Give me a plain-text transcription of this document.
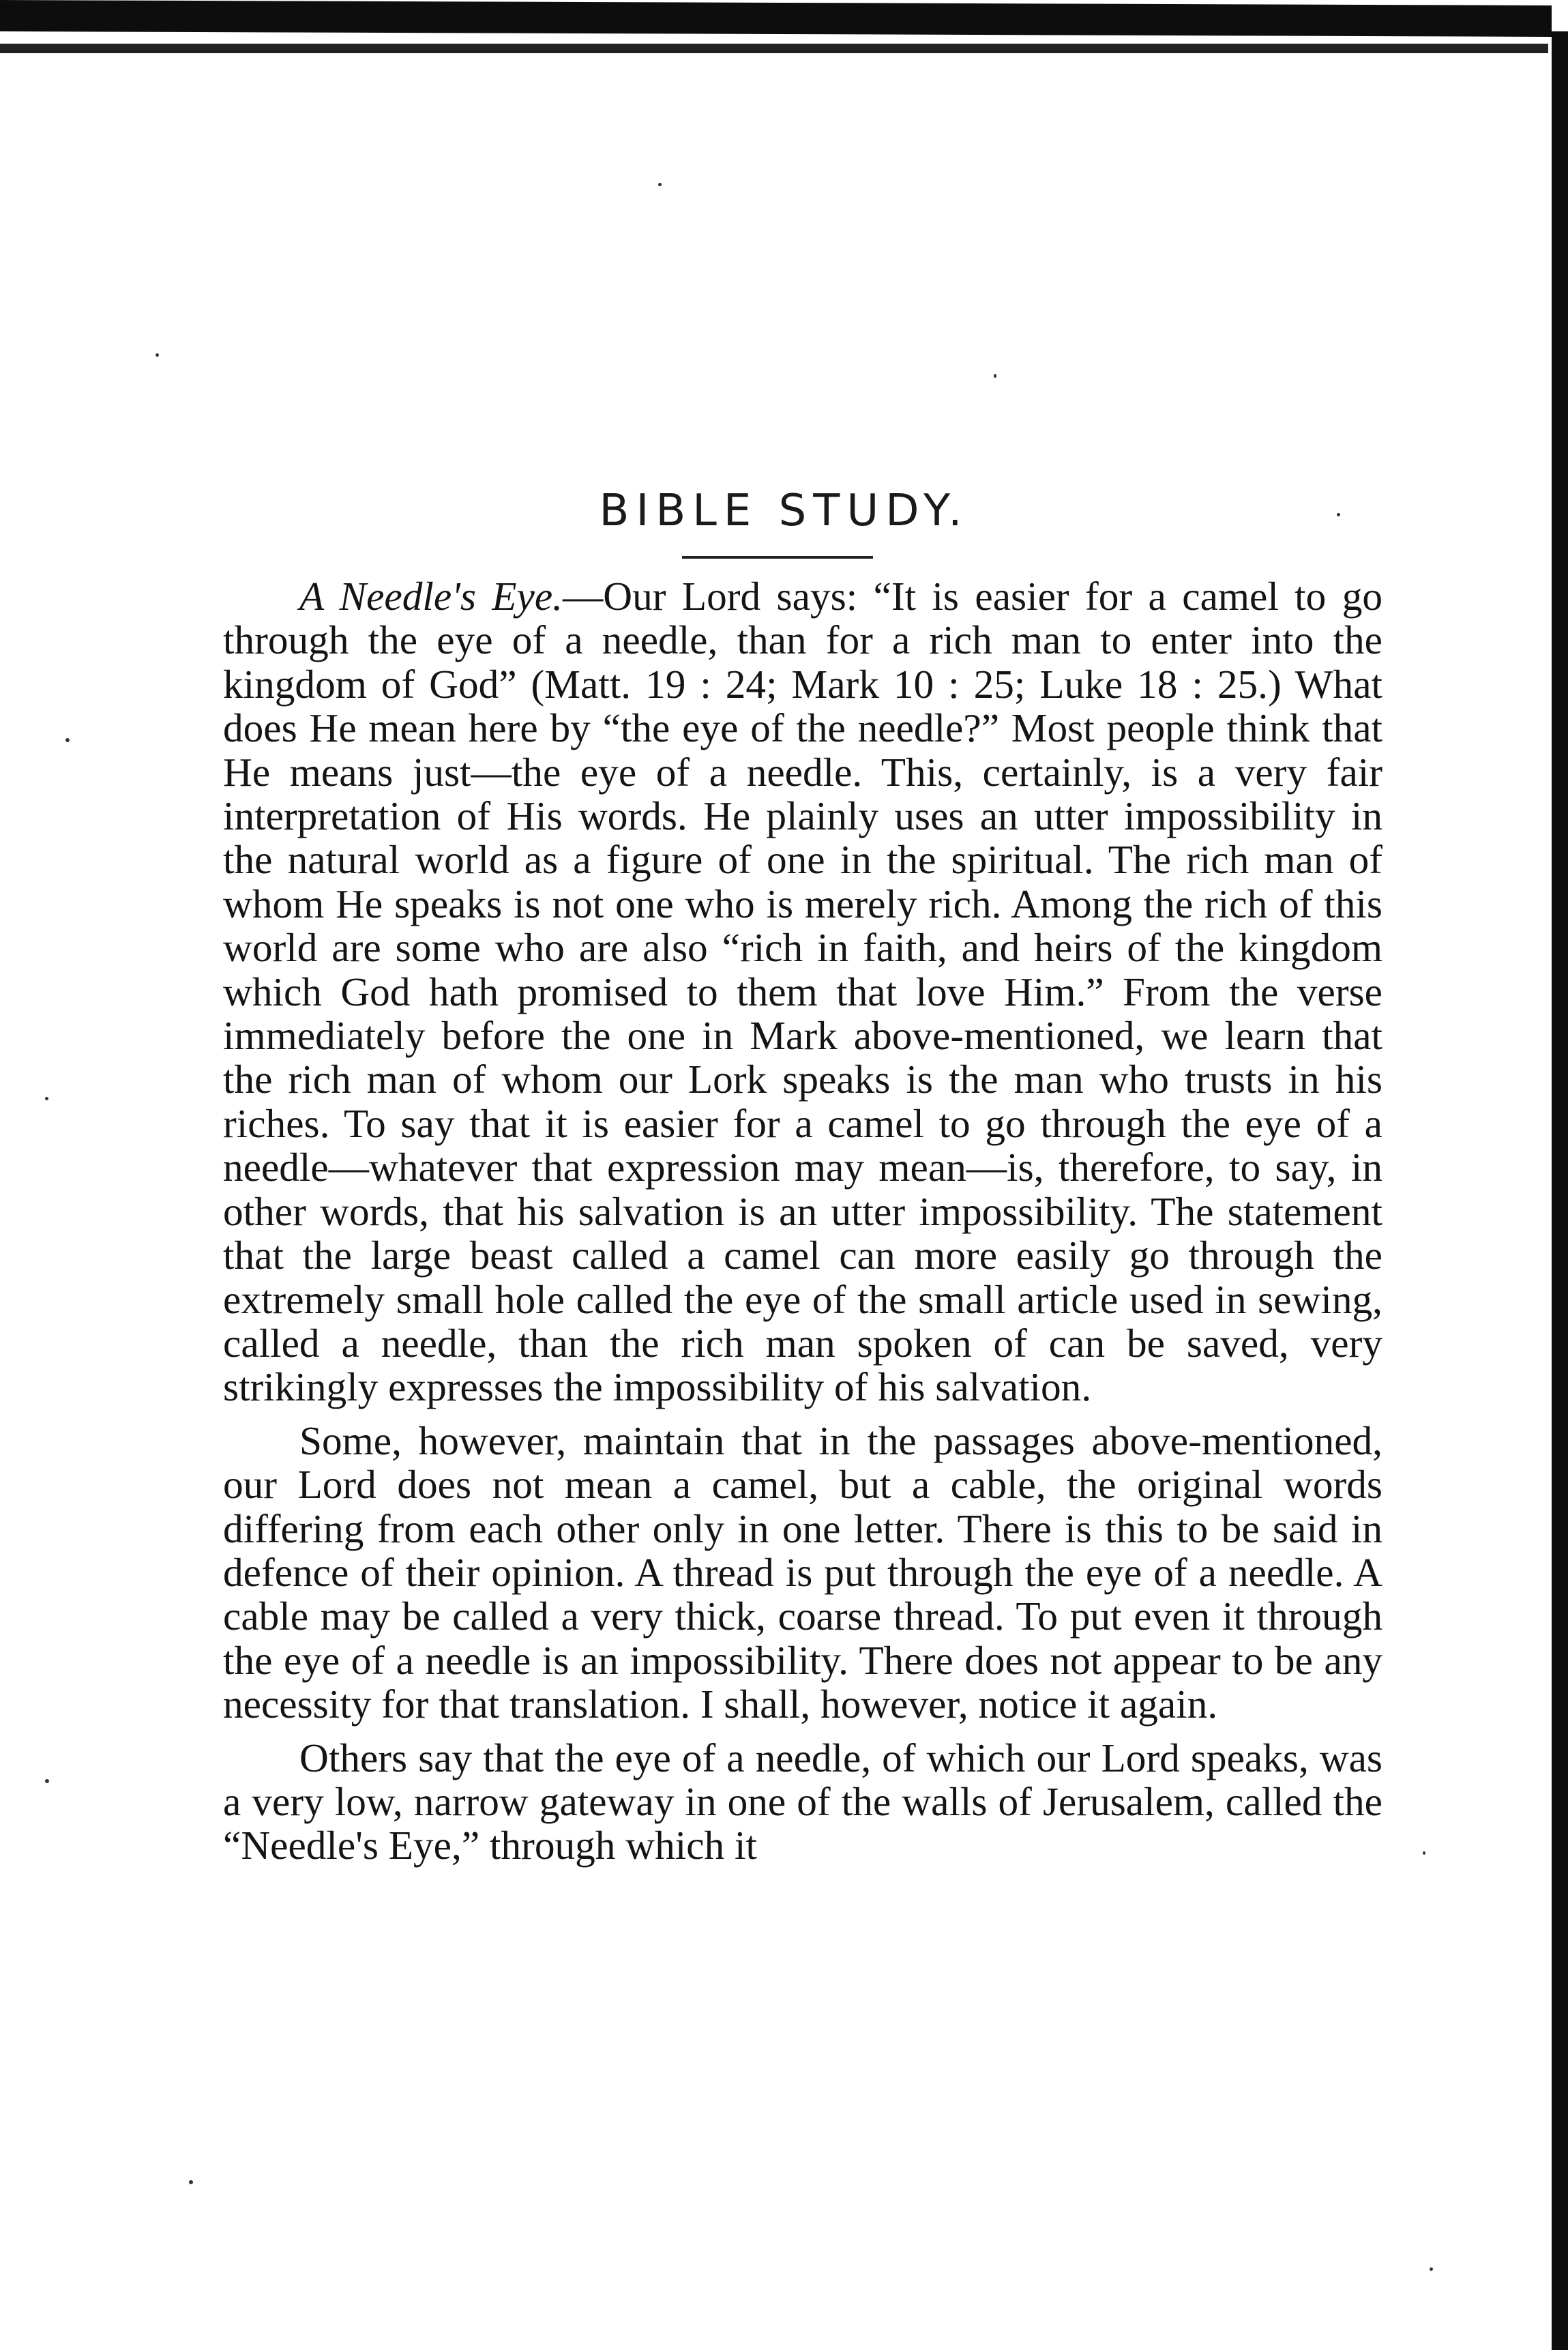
BIBLE STUDY.

A Needle's Eye.—Our Lord says: “It is easier for a camel to go through the eye of a needle, than for a rich man to enter into the kingdom of God” (Matt. 19 : 24; Mark 10 : 25; Luke 18 : 25.) What does He mean here by “the eye of the needle?” Most people think that He means just—the eye of a needle. This, certainly, is a very fair interpretation of His words. He plainly uses an utter impossibility in the natural world as a figure of one in the spiritual. The rich man of whom He speaks is not one who is merely rich. Among the rich of this world are some who are also “rich in faith, and heirs of the kingdom which God hath promised to them that love Him.” From the verse immediately before the one in Mark above-mentioned, we learn that the rich man of whom our Lork speaks is the man who trusts in his riches. To say that it is easier for a camel to go through the eye of a needle—whatever that expression may mean—is, therefore, to say, in other words, that his salvation is an utter impossibility. The statement that the large beast called a camel can more easily go through the extremely small hole called the eye of the small article used in sewing, called a needle, than the rich man spoken of can be saved, very strikingly expresses the impossibility of his salvation.

Some, however, maintain that in the passages above-mentioned, our Lord does not mean a camel, but a cable, the original words differing from each other only in one letter. There is this to be said in defence of their opinion. A thread is put through the eye of a needle. A cable may be called a very thick, coarse thread. To put even it through the eye of a needle is an impossibility. There does not appear to be any necessity for that translation. I shall, however, notice it again.

Others say that the eye of a needle, of which our Lord speaks, was a very low, narrow gateway in one of the walls of Jerusalem, called the “Needle's Eye,” through which it
